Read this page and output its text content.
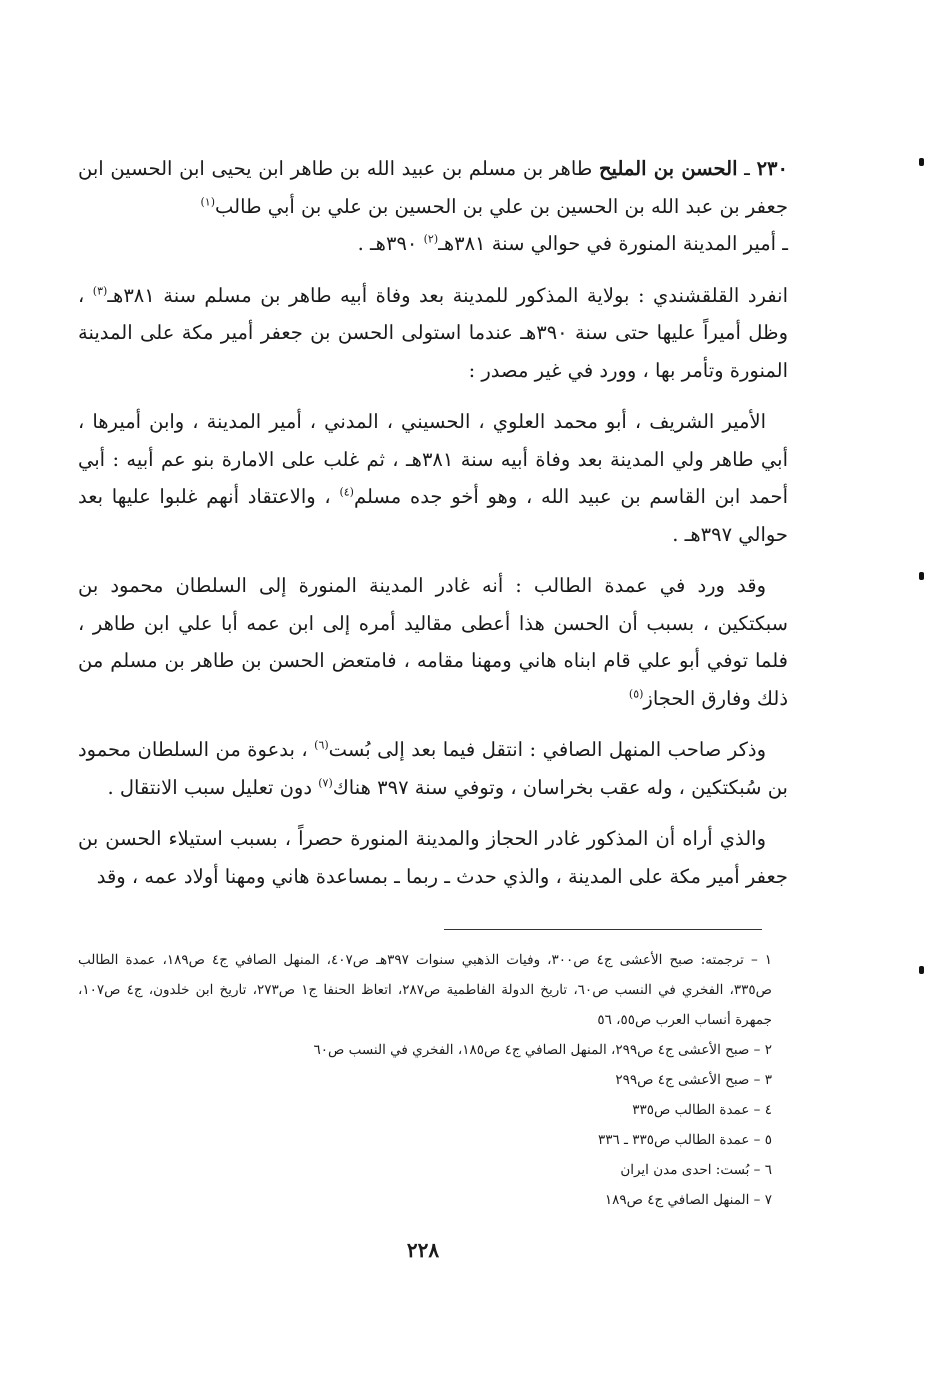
٢٣٠ ـ الحسن بن المليح طاهر بن مسلم بن عبيد الله بن طاهر ابن يحيى ابن الحسين ابن جعفر بن عبد الله بن الحسين بن علي بن الحسين بن علي بن أبي طالب$^{(١)}$
ـ أمير المدينة المنورة في حوالي سنة ٣٨١هـ$^{(٢)}$ ٣٩٠هـ .

انفرد القلقشندي : بولاية المذكور للمدينة بعد وفاة أبيه طاهر بن مسلم سنة ٣٨١هـ$^{(٣)}$ ، وظل أميراً عليها حتى سنة ٣٩٠هـ عندما استولى الحسن بن جعفر أمير مكة على المدينة المنورة وتأمر بها ، وورد في غير مصدر :

الأمير الشريف ، أبو محمد العلوي ، الحسيني ، المدني ، أمير المدينة ، وابن أميرها ، أبي طاهر ولي المدينة بعد وفاة أبيه سنة ٣٨١هـ ، ثم غلب على الامارة بنو عم أبيه : أبي أحمد ابن القاسم بن عبيد الله ، وهو أخو جده مسلم$^{(٤)}$ ، والاعتقاد أنهم غلبوا عليها بعد حوالي ٣٩٧هـ .

وقد ورد في عمدة الطالب : أنه غادر المدينة المنورة إلى السلطان محمود بن سبكتكين ، بسبب أن الحسن هذا أعطى مقاليد أمره إلى ابن عمه أبا علي ابن طاهر ، فلما توفي أبو علي قام ابناه هاني ومهنا مقامه ، فامتعض الحسن بن طاهر بن مسلم من ذلك وفارق الحجاز$^{(٥)}$

وذكر صاحب المنهل الصافي : انتقل فيما بعد إلى بُست$^{(٦)}$ ، بدعوة من السلطان محمود بن سُبكتكين ، وله عقب بخراسان ، وتوفي سنة ٣٩٧ هناك$^{(٧)}$ دون تعليل سبب الانتقال .

والذي أراه أن المذكور غادر الحجاز والمدينة المنورة حصراً ، بسبب استيلاء الحسن بن جعفر أمير مكة على المدينة ، والذي حدث ـ ربما ـ بمساعدة هاني ومهنا أولاد عمه ، وقد

١ – ترجمته: صبح الأعشى ج٤ ص٣٠٠، وفيات الذهبي سنوات ٣٩٧هـ ص٤٠٧، المنهل الصافي ج٤ ص١٨٩، عمدة الطالب ص٣٣٥، الفخري في النسب ص٦٠، تاريخ الدولة الفاطمية ص٢٨٧، اتعاظ الحنفا ج١ ص٢٧٣، تاريخ ابن خلدون، ج٤ ص١٠٧، جمهرة أنساب العرب ص٥٥، ٥٦

٢ – صبح الأعشى ج٤ ص٢٩٩، المنهل الصافي ج٤ ص١٨٥، الفخري في النسب ص٦٠

٣ – صبح الأعشى ج٤ ص٢٩٩

٤ – عمدة الطالب ص٣٣٥

٥ – عمدة الطالب ص٣٣٥ ـ ٣٣٦

٦ – بُست: احدى مدن ايران

٧ – المنهل الصافي ج٤ ص١٨٩

٢٢٨
